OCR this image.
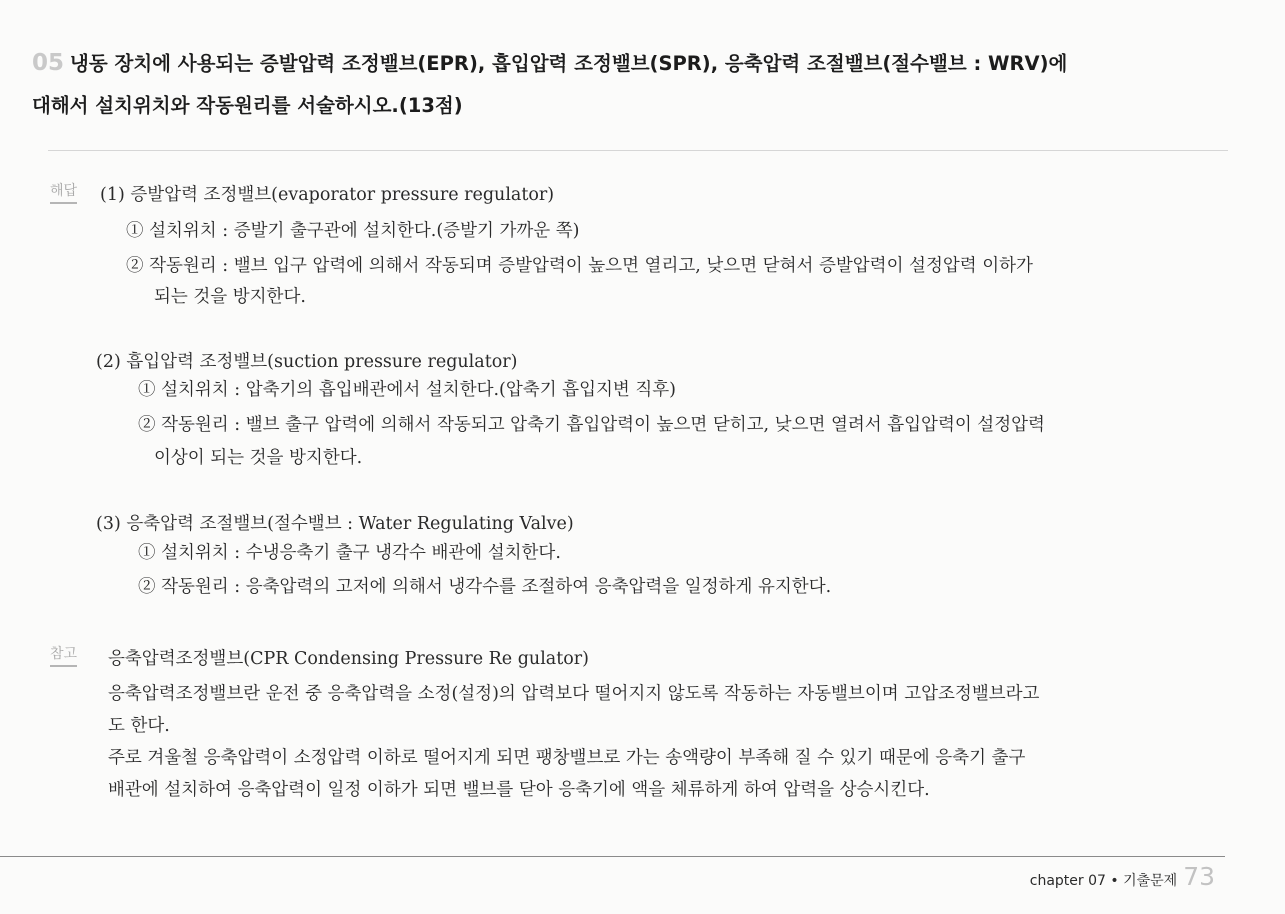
05 냉동 장치에 사용되는 증발압력 조정밸브(EPR), 흡입압력 조정밸브(SPR), 응축압력 조절밸브(절수밸브 : WRV)에
대해서 설치위치와 작동원리를 서술하시오.(13점)
해답 (1) 증발압력 조정밸브(evaporator pressure regulator)
① 설치위치 : 증발기 출구관에 설치한다.(증발기 가까운 쪽)
② 작동원리 : 밸브 입구 압력에 의해서 작동되며 증발압력이 높으면 열리고, 낮으면 닫혀서 증발압력이 설정압력 이하가
되는 것을 방지한다.
(2) 흡입압력 조정밸브(suction pressure regulator)
① 설치위치 : 압축기의 흡입배관에서 설치한다.(압축기 흡입지변 직후)
② 작동원리 : 밸브 출구 압력에 의해서 작동되고 압축기 흡입압력이 높으면 닫히고, 낮으면 열려서 흡입압력이 설정압력
이상이 되는 것을 방지한다.
(3) 응축압력 조절밸브(절수밸브 : Water Regulating Valve)
① 설치위치 : 수냉응축기 출구 냉각수 배관에 설치한다.
② 작동원리 : 응축압력의 고저에 의해서 냉각수를 조절하여 응축압력을 일정하게 유지한다.
참고 응축압력조정밸브(CPR Condensing Pressure Re gulator)
응축압력조정밸브란 운전 중 응축압력을 소정(설정)의 압력보다 떨어지지 않도록 작동하는 자동밸브이며 고압조정밸브라고
도 한다.
주로 겨울철 응축압력이 소정압력 이하로 떨어지게 되면 팽창밸브로 가는 송액량이 부족해 질 수 있기 때문에 응축기 출구
배관에 설치하여 응축압력이 일정 이하가 되면 밸브를 닫아 응축기에 액을 체류하게 하여 압력을 상승시킨다.
chapter 07 • 기출문제 73
